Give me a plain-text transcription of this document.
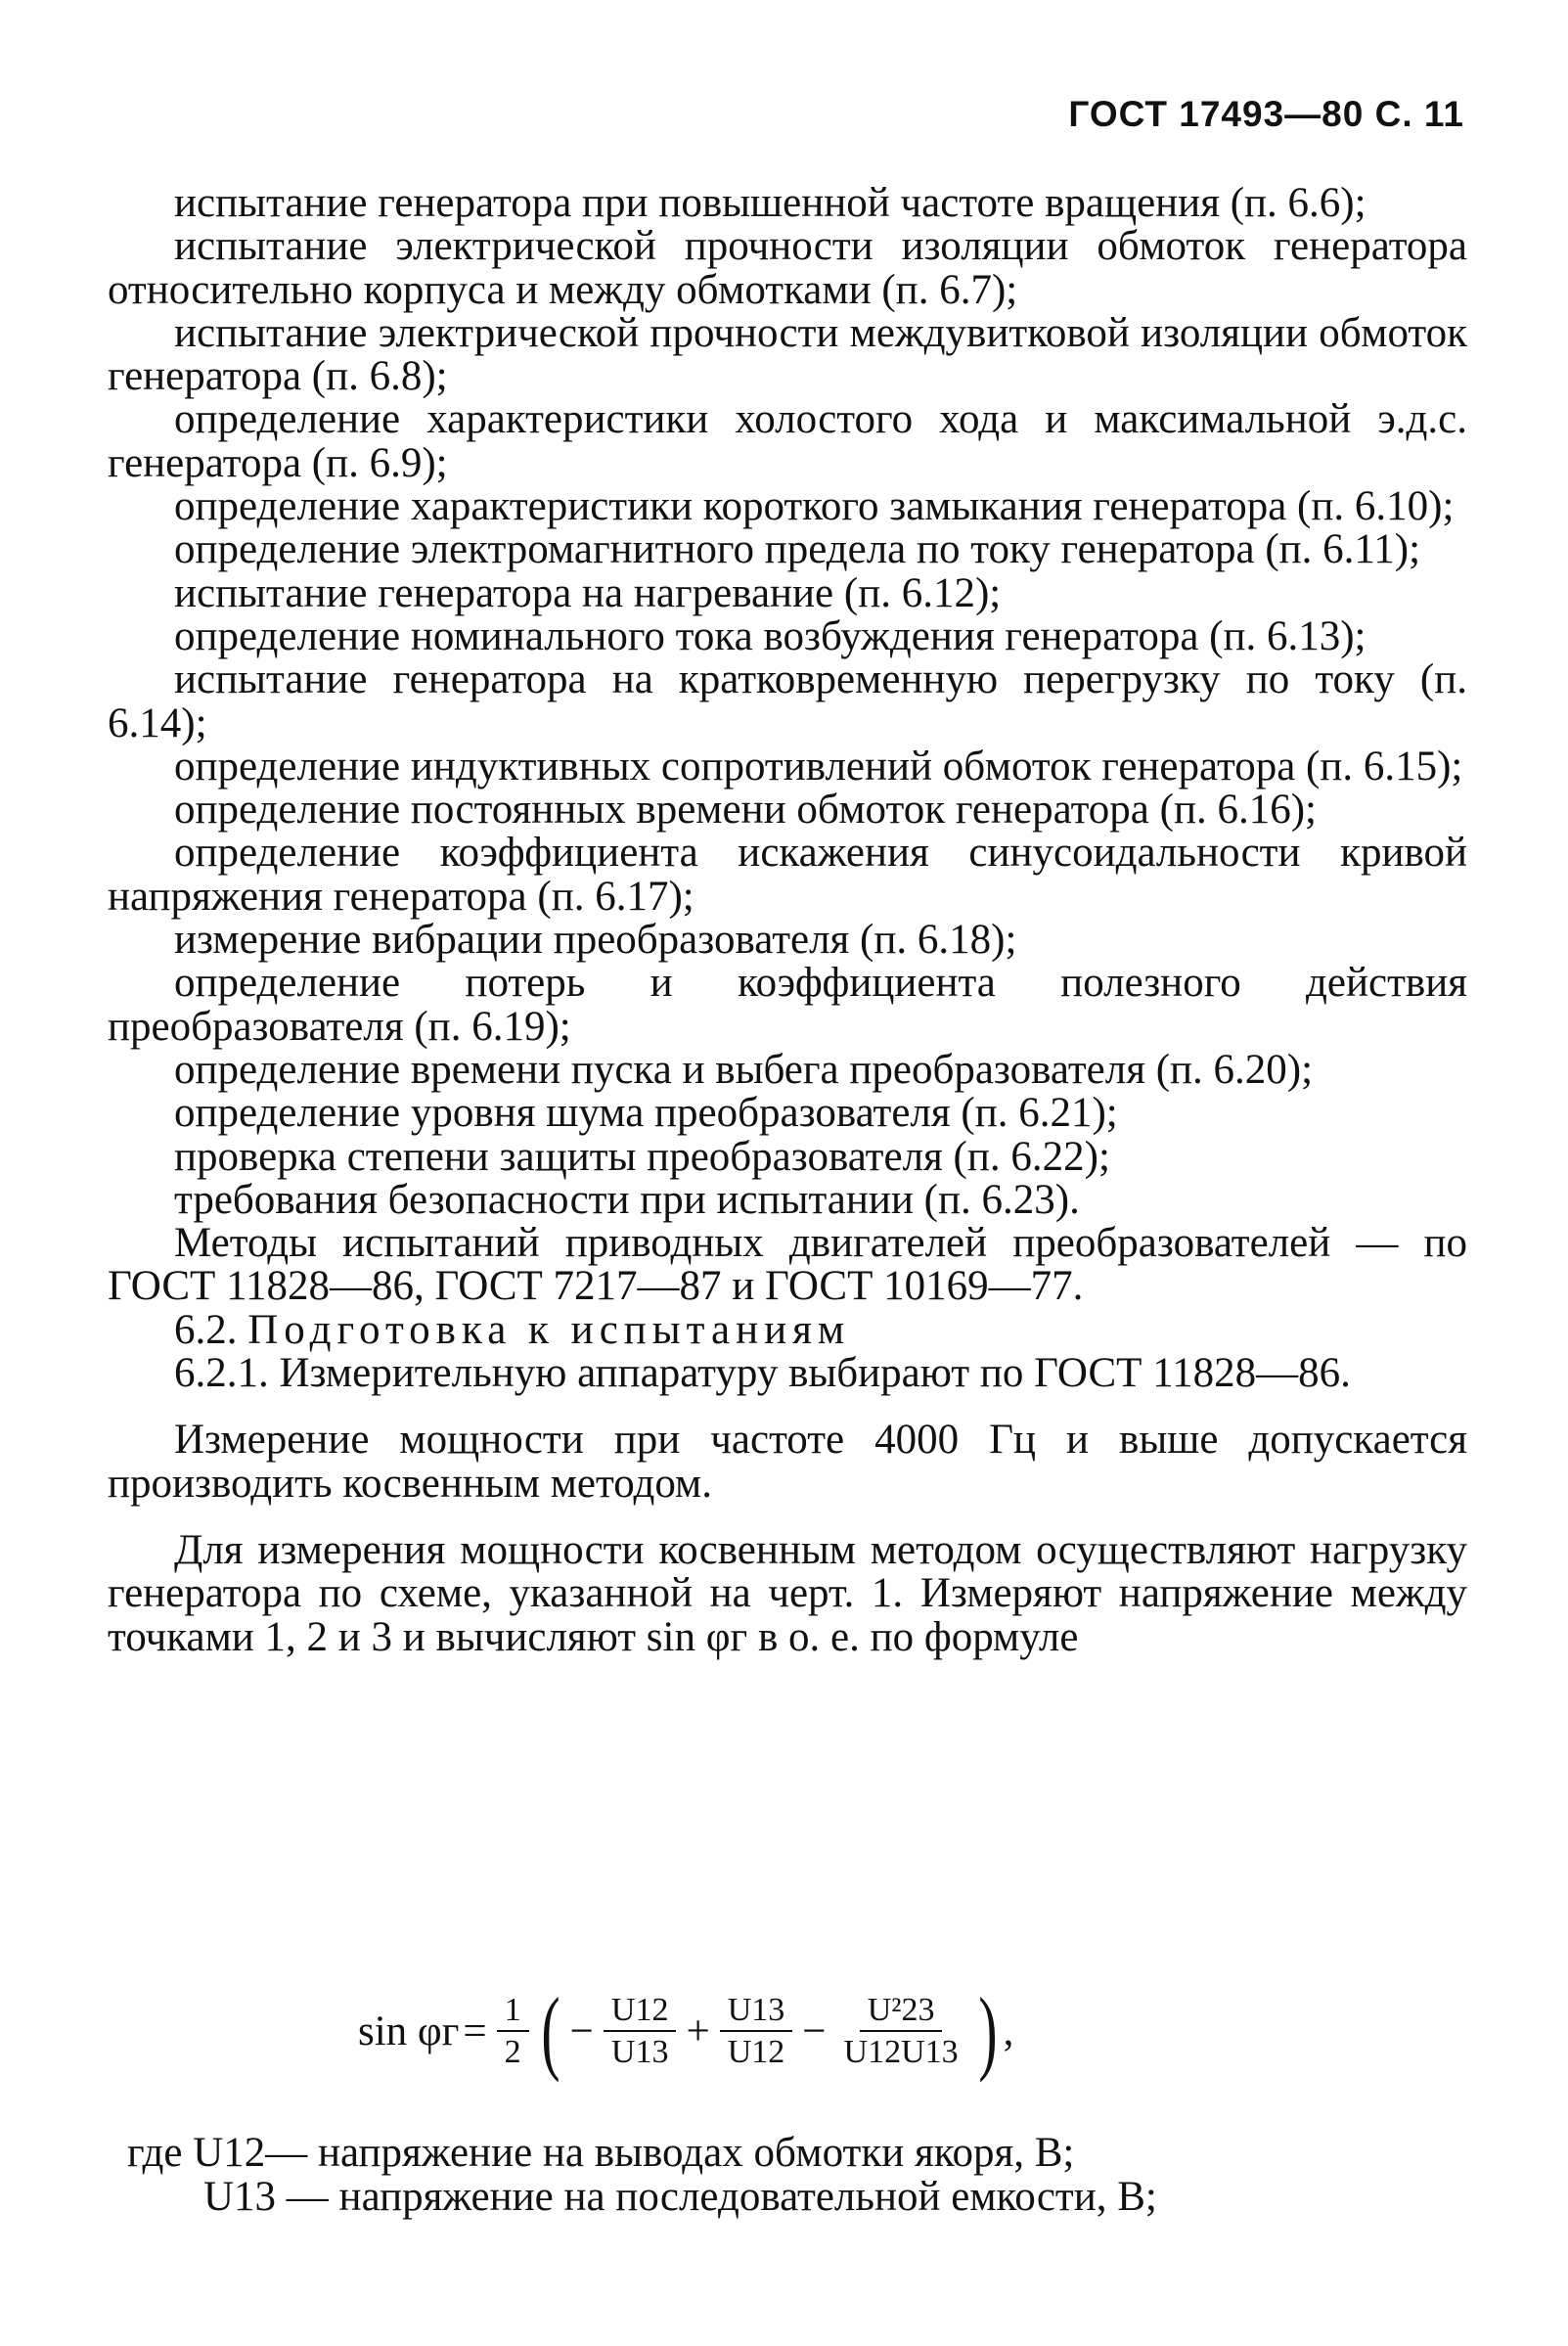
ГОСТ 17493—80 С. 11

испытание генератора при повышенной частоте вращения (п. 6.6);

испытание электрической прочности изоляции обмоток генератора относительно корпуса и между обмотками (п. 6.7);

испытание электрической прочности междувитковой изоляции обмоток генератора (п. 6.8);

определение характеристики холостого хода и максимальной э.д.с. генератора (п. 6.9);

определение характеристики короткого замыкания генератора (п. 6.10);

определение электромагнитного предела по току генератора (п. 6.11);

испытание генератора на нагревание (п. 6.12);

определение номинального тока возбуждения генератора (п. 6.13);

испытание генератора на кратковременную перегрузку по току (п. 6.14);

определение индуктивных сопротивлений обмоток генератора (п. 6.15);

определение постоянных времени обмоток генератора (п. 6.16);

определение коэффициента искажения синусоидальности кривой напряжения генератора (п. 6.17);

измерение вибрации преобразователя (п. 6.18);

определение потерь и коэффициента полезного действия преобразователя (п. 6.19);

определение времени пуска и выбега преобразователя (п. 6.20);

определение уровня шума преобразователя (п. 6.21);

проверка степени защиты преобразователя (п. 6.22);

требования безопасности при испытании (п. 6.23).

Методы испытаний приводных двигателей преобразователей — по ГОСТ 11828—86, ГОСТ 7217—87 и ГОСТ 10169—77.

6.2. Подготовка к испытаниям

6.2.1. Измерительную аппаратуру выбирают по ГОСТ 11828—86.

Измерение мощности при частоте 4000 Гц и выше допускается производить косвенным методом.

Для измерения мощности косвенным методом осуществляют нагрузку генератора по схеме, указанной на черт. 1. Измеряют напряжение между точками 1, 2 и 3 и вычисляют sin φг в о. е. по формуле

$\sin \varphi г = \frac{1}{2}$ ( − $\frac{U12}{U13} + \frac{U13}{U12} - \frac{\text{U²23}}{U12U13}$ ) ,
где U12— напряжение на выводах обмотки якоря, В;
U13 — напряжение на последовательной емкости, В;
